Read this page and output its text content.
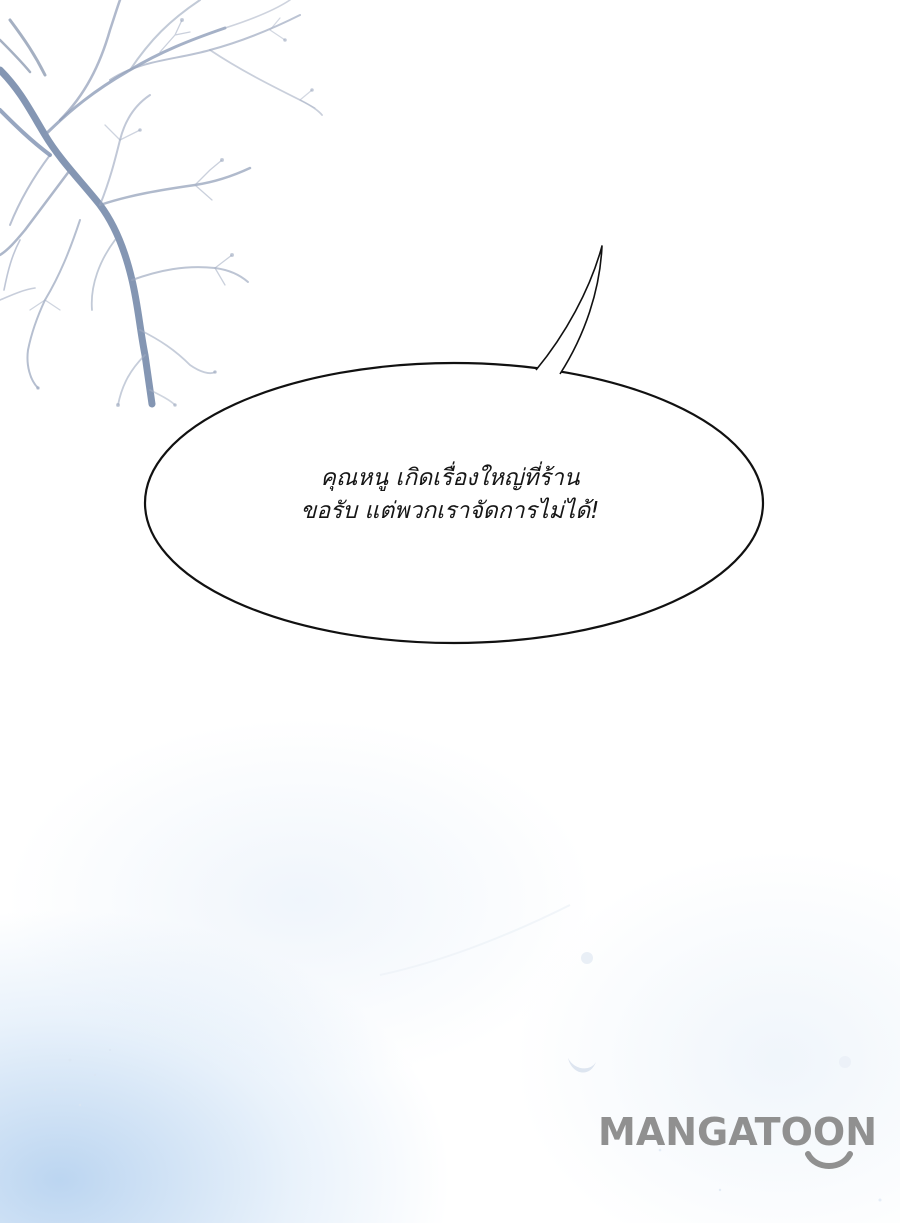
คุณหนู เกิดเรื่องใหญ่ที่ร้าน
ขอรับ แต่พวกเราจัดการไม่ได้!
MANGATOON
